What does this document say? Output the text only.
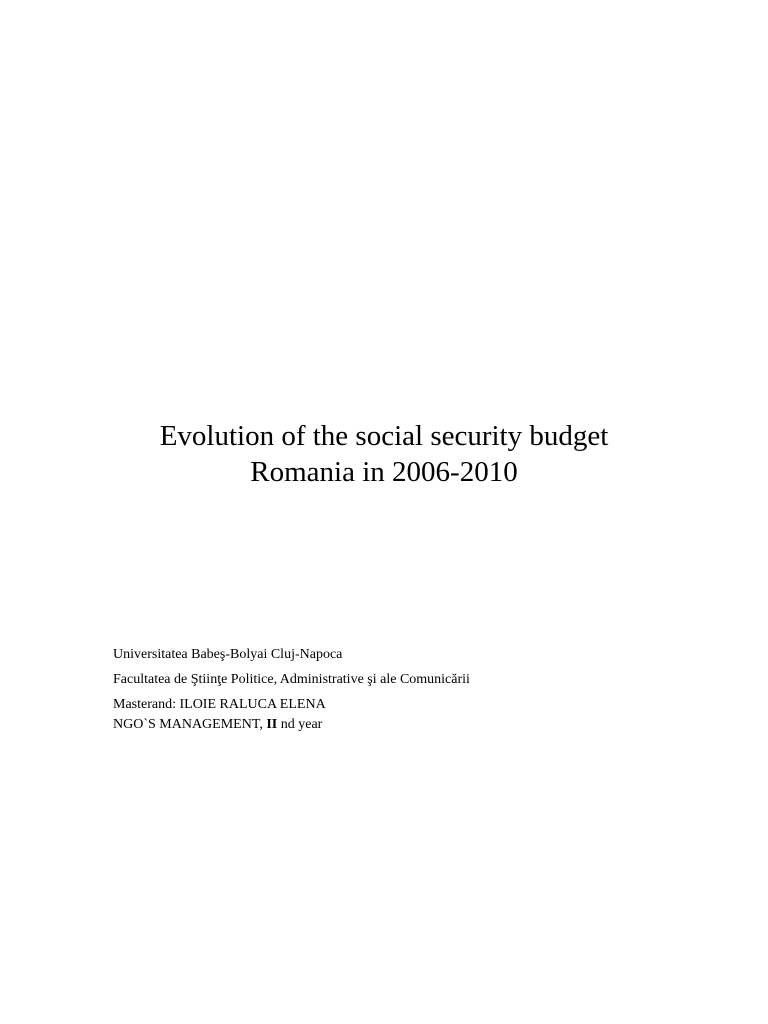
Evolution of the social security budget
Romania in 2006-2010
Universitatea Babeş-Bolyai Cluj-Napoca
Facultatea de Ştiinţe Politice, Administrative şi ale Comunicării
Masterand: ILOIE RALUCA ELENA
NGO`S MANAGEMENT, II nd year
